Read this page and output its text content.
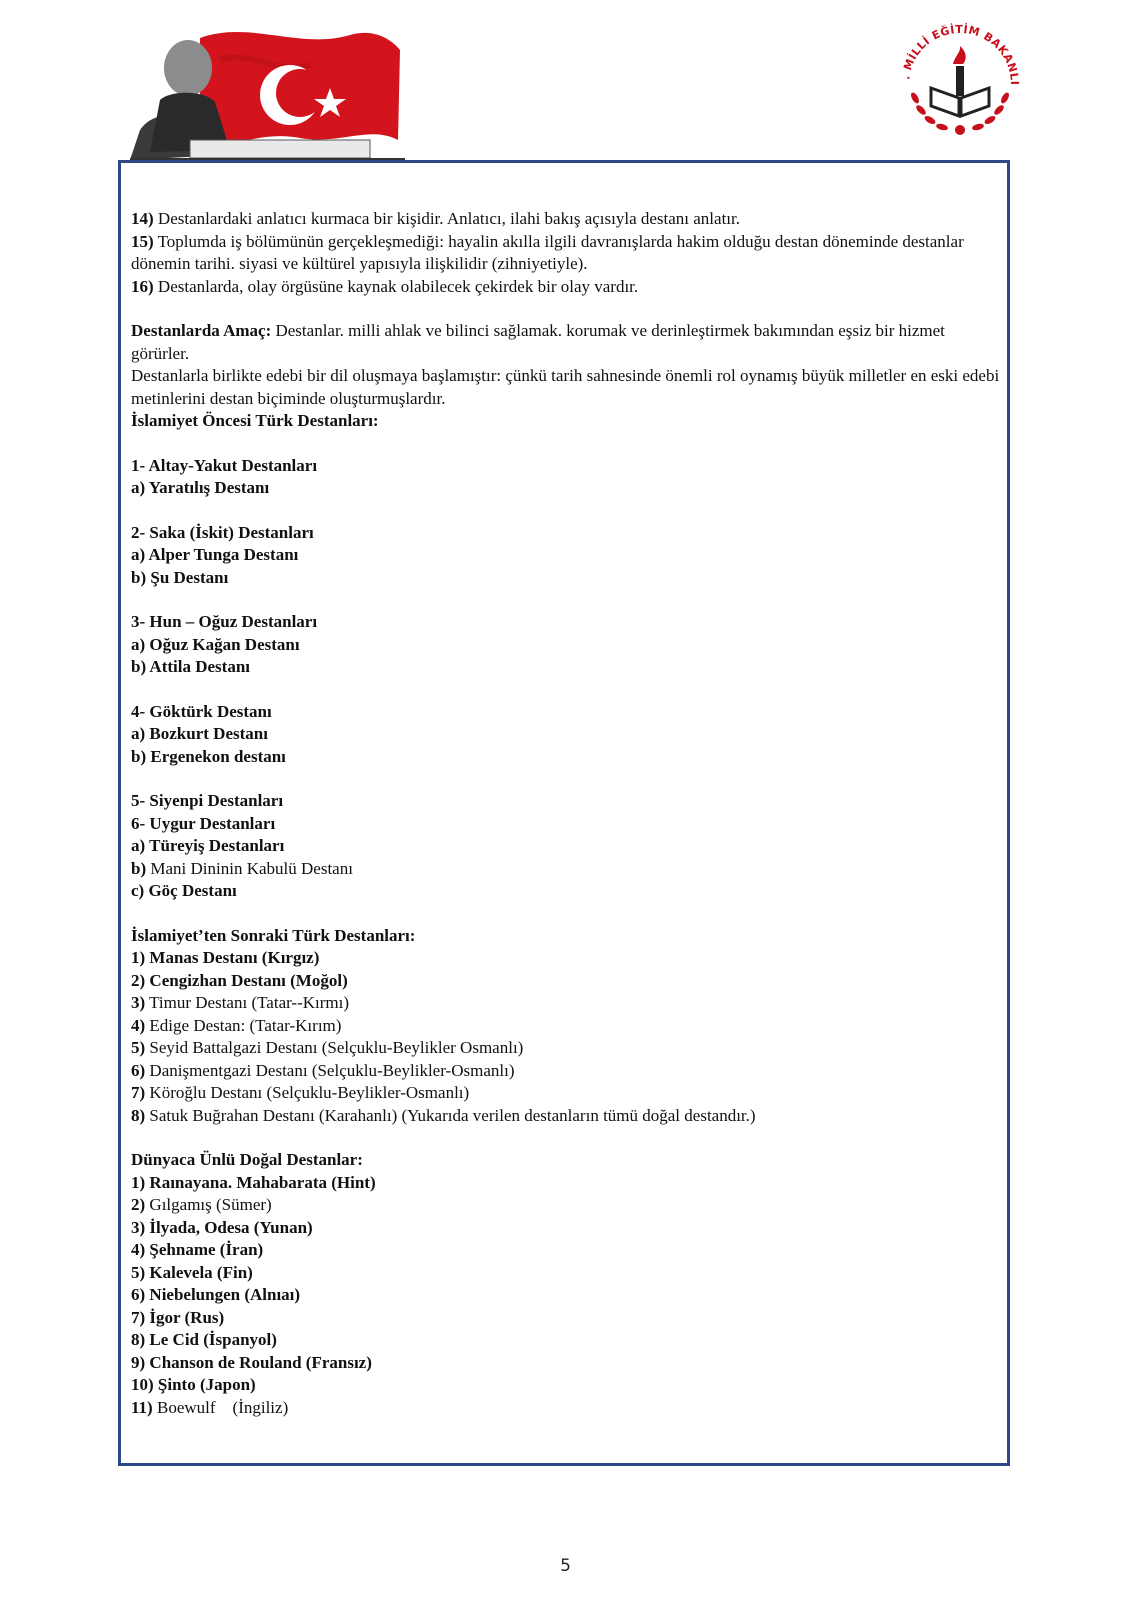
. MİLLİ EĞİTİM BAKANLI

14) Destanlardaki anlatıcı kurmaca bir kişidir. Anlatıcı, ilahi bakış açısıyla destanı anlatır.

15) Toplumda iş bölümünün gerçekleşmediği: hayalin akılla ilgili davranışlarda hakim olduğu destan döneminde destanlar dönemin tarihi. siyasi ve kültürel yapısıyla ilişkilidir (zihniyetiyle).

16) Destanlarda, olay örgüsüne kaynak olabilecek çekirdek bir olay vardır.

Destanlarda Amaç: Destanlar. milli ahlak ve bilinci sağlamak. korumak ve derinleştirmek bakımından eşsiz bir hizmet görürler.

Destanlarla birlikte edebi bir dil oluşmaya başlamıştır: çünkü tarih sahnesinde önemli rol oynamış büyük milletler en eski edebi metinlerini destan biçiminde oluşturmuşlardır.

İslamiyet Öncesi Türk Destanları:

1- Altay-Yakut Destanları

a) Yaratılış Destanı

2- Saka (İskit) Destanları

a) Alper Tunga Destanı

b) Şu Destanı

3- Hun – Oğuz Destanları

a) Oğuz Kağan Destanı

b) Attila Destanı

4- Göktürk Destanı

a) Bozkurt Destanı

b) Ergenekon destanı

5- Siyenpi Destanları

6- Uygur Destanları

a) Türeyiş Destanları

b) Mani Dininin Kabulü Destanı

c) Göç Destanı

İslamiyet’ten Sonraki Türk Destanları:

1) Manas Destanı (Kırgız)

2) Cengizhan Destanı (Moğol)

3) Timur Destanı (Tatar--Kırmı)

4) Edige Destan: (Tatar-Kırım)

5) Seyid Battalgazi Destanı (Selçuklu-Beylikler Osmanlı)

6) Danişmentgazi Destanı (Selçuklu-Beylikler-Osmanlı)

7) Köroğlu Destanı (Selçuklu-Beylikler-Osmanlı)

8) Satuk Buğrahan Destanı (Karahanlı) (Yukarıda verilen destanların tümü doğal destandır.)

Dünyaca Ünlü Doğal Destanlar:

1) Raınayana. Mahabarata (Hint)

2) Gılgamış (Sümer)

3) İlyada, Odesa (Yunan)

4) Şehname (İran)

5) Kalevela (Fin)

6) Niebelungen (Alnıaı)

7) İgor (Rus)

8) Le Cid (İspanyol)

9) Chanson de Rouland (Fransız)

10) Şinto (Japon)

11) Boewulf    (İngiliz)

5
